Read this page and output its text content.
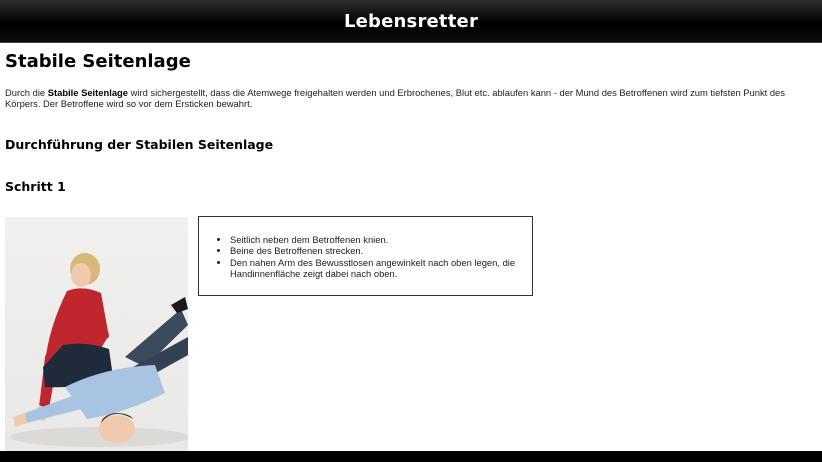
Lebensretter
Stabile Seitenlage

Durch die Stabile Seitenlage wird sichergestellt, dass die Atemwege freigehalten werden und Erbrochenes, Blut etc. ablaufen kann - der Mund des Betroffenen wird zum tiefsten Punkt des Körpers. Der Betroffene wird so vor dem Ersticken bewahrt.

Durchführung der Stabilen Seitenlage
Schritt 1
• Seitlich neben dem Betroffenen knien.
• Beine des Betroffenen strecken.
• Den nahen Arm des Bewusstlosen angewinkelt nach oben legen, die Handinnenfläche zeigt dabei nach oben.
